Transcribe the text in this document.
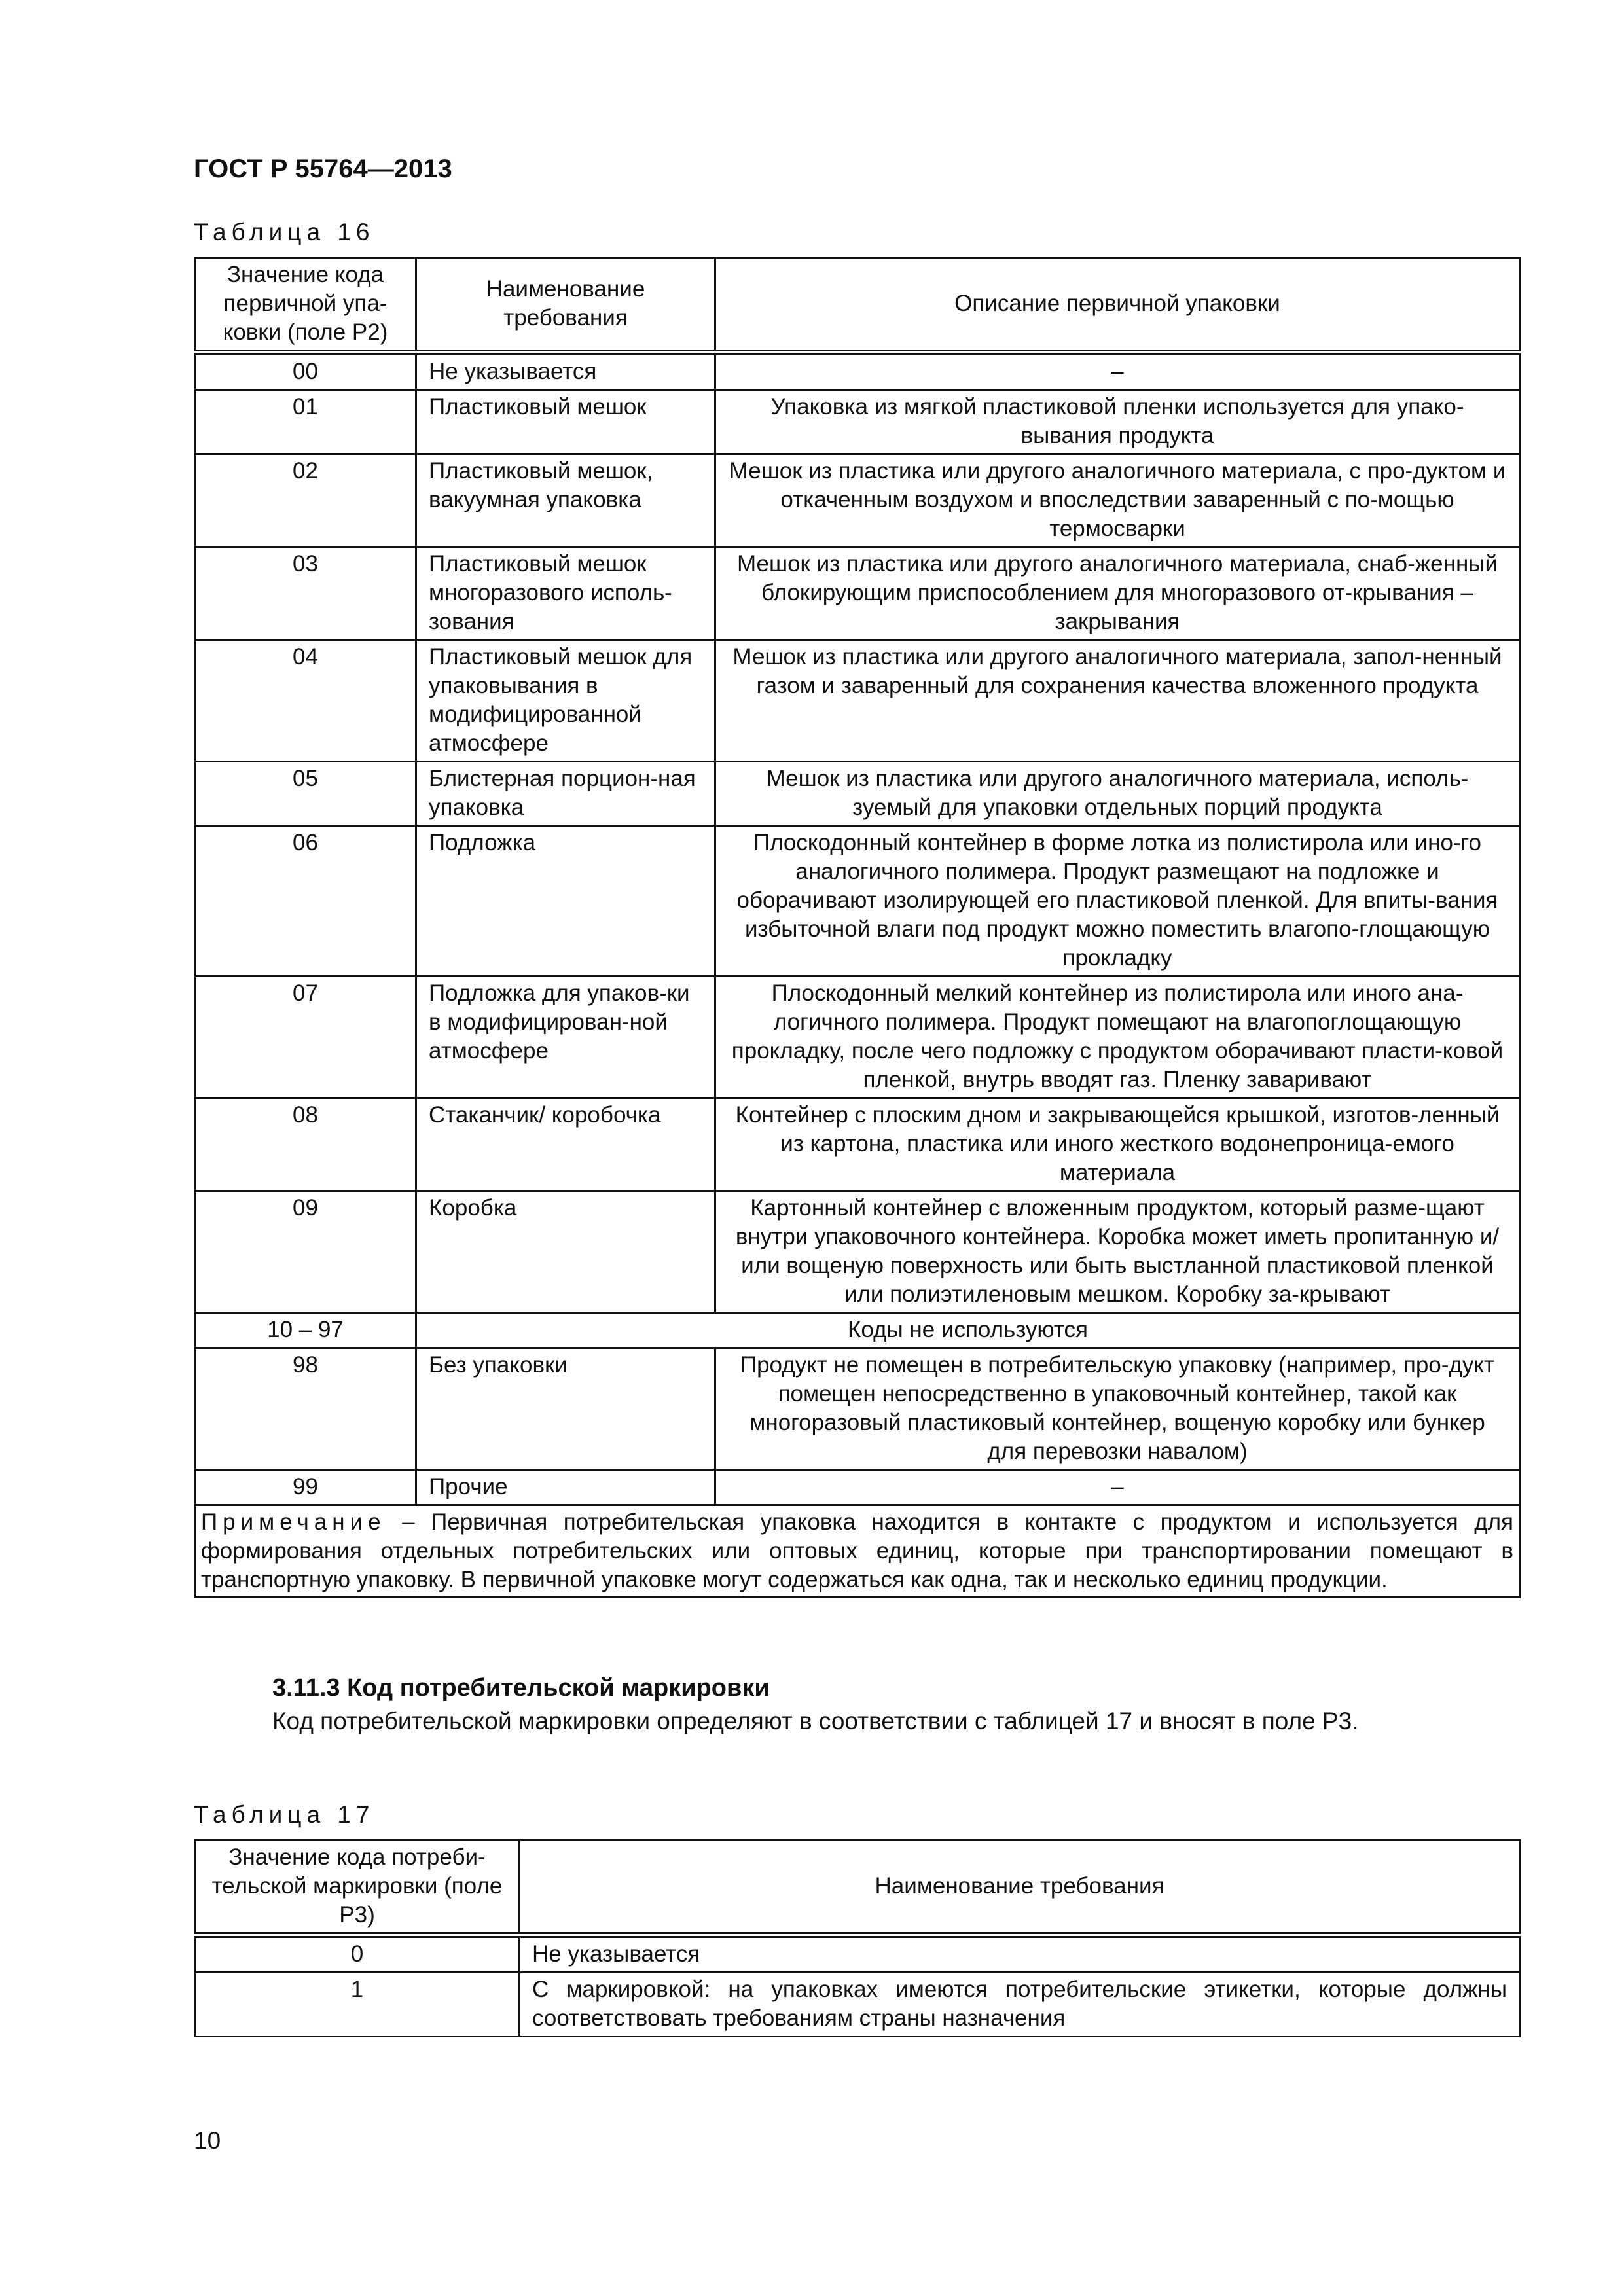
ГОСТ Р 55764—2013
Таблица 16
Значение кода первичной упа-ковки (поле Р2)	Наименование требования	Описание первичной упаковки
00	Не указывается	–
01	Пластиковый мешок	Упаковка из мягкой пластиковой пленки используется для упако-вывания продукта
02	Пластиковый мешок, вакуумная упаковка	Мешок из пластика или другого аналогичного материала, с про-дуктом и откаченным воздухом и впоследствии заваренный с по-мощью термосварки
03	Пластиковый мешок многоразового исполь-зования	Мешок из пластика или другого аналогичного материала, снаб-женный блокирующим приспособлением для многоразового от-крывания – закрывания
04	Пластиковый мешок для упаковывания в модифицированной атмосфере	Мешок из пластика или другого аналогичного материала, запол-ненный газом и заваренный для сохранения качества вложенного продукта
05	Блистерная порцион-ная упаковка	Мешок из пластика или другого аналогичного материала, исполь-зуемый для упаковки отдельных порций продукта
06	Подложка	Плоскодонный контейнер в форме лотка из полистирола или ино-го аналогичного полимера. Продукт размещают на подложке и оборачивают изолирующей его пластиковой пленкой. Для впиты-вания избыточной влаги под продукт можно поместить влагопо-глощающую прокладку
07	Подложка для упаков-ки в модифицирован-ной атмосфере	Плоскодонный мелкий контейнер из полистирола или иного ана-логичного полимера. Продукт помещают на влагопоглощающую прокладку, после чего подложку с продуктом оборачивают пласти-ковой пленкой, внутрь вводят газ. Пленку заваривают
08	Стаканчик/ коробочка	Контейнер с плоским дном и закрывающейся крышкой, изготов-ленный из картона, пластика или иного жесткого водонепроница-емого материала
09	Коробка	Картонный контейнер с вложенным продуктом, который разме-щают внутри упаковочного контейнера. Коробка может иметь пропитанную и/или вощеную поверхность или быть выстланной пластиковой пленкой или полиэтиленовым мешком. Коробку за-крывают
10 – 97	Коды не используются	
98	Без упаковки	Продукт не помещен в потребительскую упаковку (например, про-дукт помещен непосредственно в упаковочный контейнер, такой как многоразовый пластиковый контейнер, вощеную коробку или бункер для перевозки навалом)
99	Прочие	–
Примечание – Первичная потребительская упаковка находится в контакте с продуктом и используется для формирования отдельных потребительских или оптовых единиц, которые при транспортировании помещают в транспортную упаковку. В первичной упаковке могут содержаться как одна, так и несколько единиц продукции.		
3.11.3 Код потребительской маркировки
Код потребительской маркировки определяют в соответствии с таблицей 17 и вносят в поле Р3.
Таблица 17
Значение кода потреби-тельской маркировки (поле Р3)	Наименование требования
0	Не указывается
1	С маркировкой: на упаковках имеются потребительские этикетки, которые должны соответствовать требованиям страны назначения
10
